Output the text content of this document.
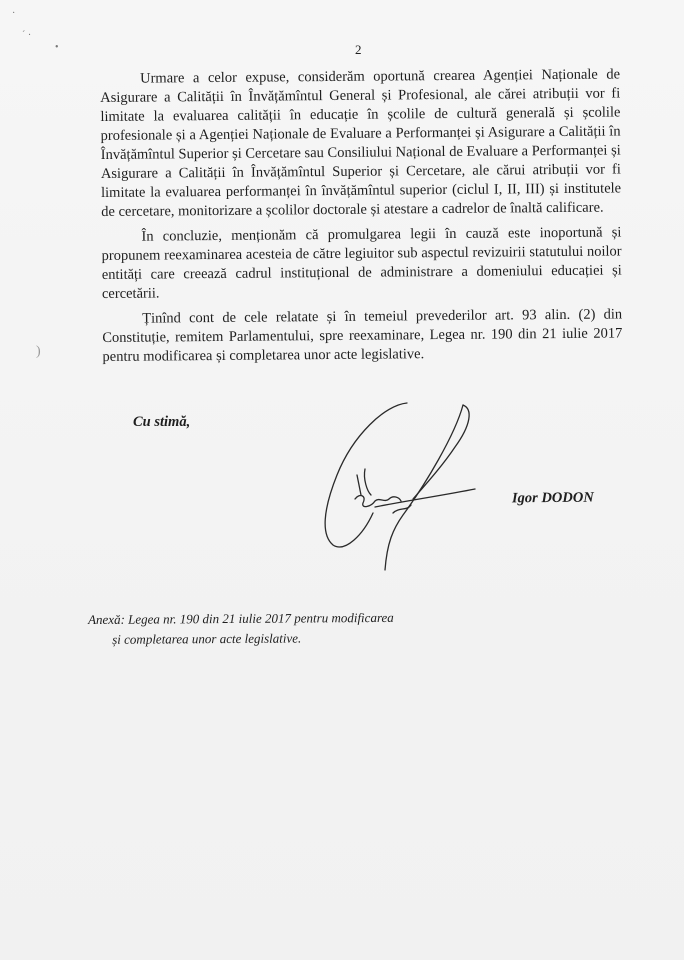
·
ˊ ·
•
)
2

Urmare a celor expuse, considerăm oportună crearea Agenției Naționale de Asigurare a Calității în Învățămîntul General și Profesional, ale cărei atribuții vor fi limitate la evaluarea calității în educație în școlile de cultură generală și școlile profesionale și a Agenției Naționale de Evaluare a Performanței și Asigurare a Calității în Învățămîntul Superior și Cercetare sau Consiliului Național de Evaluare a Performanței și Asigurare a Calității în Învățămîntul Superior și Cercetare, ale cărui atribuții vor fi limitate la evaluarea performanței în învățămîntul superior (ciclul I, II, III) și institutele de cercetare, monitorizare a școlilor doctorale și atestare a cadrelor de înaltă calificare.

În concluzie, menționăm că promulgarea legii în cauză este inoportună și propunem reexaminarea acesteia de către legiuitor sub aspectul revizuirii statutului noilor entități care creează cadrul instituțional de administrare a domeniului educației și cercetării.

Ținînd cont de cele relatate și în temeiul prevederilor art. 93 alin. (2) din Constituție, remitem Parlamentului, spre reexaminare, Legea nr. 190 din 21 iulie 2017 pentru modificarea și completarea unor acte legislative.

Cu stimă,
Igor DODON
Anexă: Legea nr. 190 din 21 iulie 2017 pentru modificarea
și completarea unor acte legislative.
